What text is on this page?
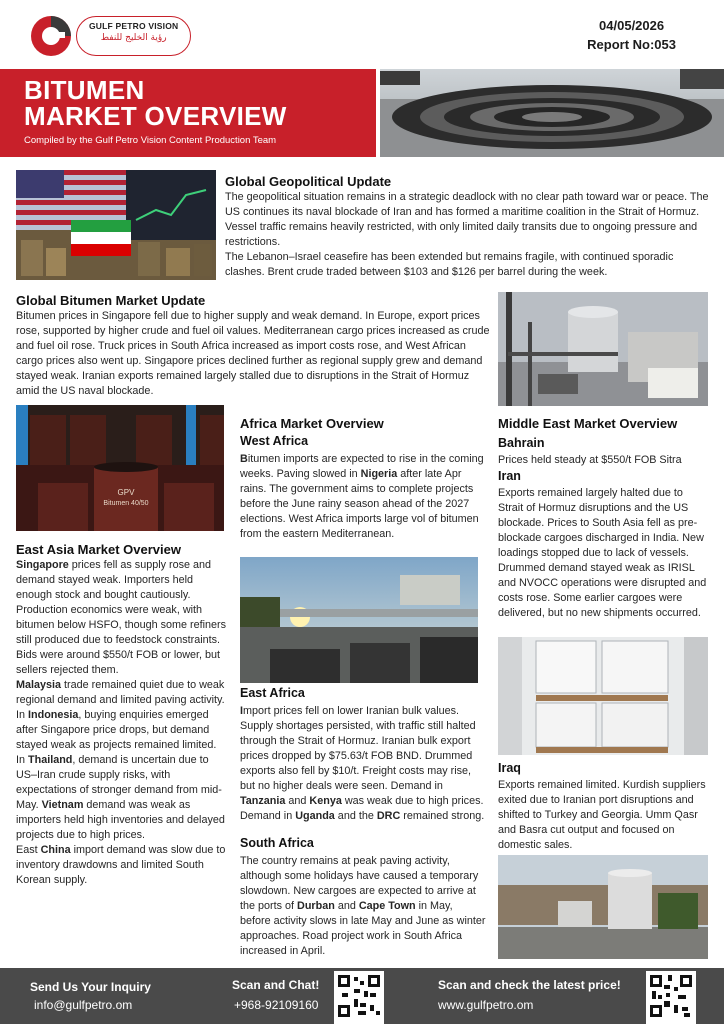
GULF PETRO VISION
رؤية الخليج للنفط
04/05/2026
Report No:053
BITUMEN
MARKET OVERVIEW
Compiled by the Gulf Petro Vision Content Production Team
Global Geopolitical Update
The geopolitical situation remains in a strategic deadlock with no clear path toward war or peace. The US continues its naval blockade of Iran and has formed a maritime coalition in the Strait of Hormuz. Vessel traffic remains heavily restricted, with only limited daily transits due to ongoing pressure and restrictions.
The Lebanon–Israel ceasefire has been extended but remains fragile, with continued sporadic clashes. Brent crude traded between $103 and $126 per barrel during the week.
Global Bitumen Market Update
Bitumen prices in Singapore fell due to higher supply and weak demand. In Europe, export prices rose, supported by higher crude and fuel oil values. Mediterranean cargo prices increased as crude and fuel oil rose. Truck prices in South Africa increased as import costs rose, and West African cargo prices also went up. Singapore prices declined further as regional supply grew and demand stayed weak. Iranian exports remained largely stalled due to disruptions in the Strait of Hormuz amid the US naval blockade.
GPV
Bitumen 40/50
East Asia Market Overview
Singapore prices fell as supply rose and demand stayed weak. Importers held enough stock and bought cautiously.
Production economics were weak, with bitumen below HSFO, though some refiners still produced due to feedstock constraints. Bids were around $550/t FOB or lower, but sellers rejected them.
Malaysia trade remained quiet due to weak regional demand and limited paving activity.
In Indonesia, buying enquiries emerged after Singapore price drops, but demand stayed weak as projects remained limited.
In Thailand, demand is uncertain due to US–Iran crude supply risks, with expectations of stronger demand from mid-May. Vietnam demand was weak as importers held high inventories and delayed projects due to high prices.
East China import demand was slow due to inventory drawdowns and limited South Korean supply.
Africa Market Overview
West Africa
Bitumen imports are expected to rise in the coming weeks. Paving slowed in Nigeria after late Apr rains. The government aims to complete projects before the June rainy season ahead of the 2027 elections. West Africa imports large vol of bitumen from the eastern Mediterranean.
East Africa
Import prices fell on lower Iranian bulk values. Supply shortages persisted, with traffic still halted through the Strait of Hormuz. Iranian bulk export prices dropped by $75.63/t FOB BND. Drummed exports also fell by $10/t. Freight costs may rise, but no higher deals were seen. Demand in Tanzania and Kenya was weak due to high prices. Demand in Uganda and the DRC remained strong.
South Africa
The country remains at peak paving activity, although some holidays have caused a temporary slowdown. New cargoes are expected to arrive at the ports of Durban and Cape Town in May, before activity slows in late May and June as winter approaches. Road project work in South Africa increased in April.
Middle East Market Overview
Bahrain
Prices held steady at $550/t FOB Sitra
Iran
Exports remained largely halted due to Strait of Hormuz disruptions and the US blockade. Prices to South Asia fell as pre-blockade cargoes discharged in India. New loadings stopped due to lack of vessels. Drummed demand stayed weak as IRISL and NVOCC operations were disrupted and costs rose. Some earlier cargoes were delivered, but no new shipments occurred.
Iraq
Exports remained limited. Kurdish suppliers exited due to Iranian port disruptions and shifted to Turkey and Georgia. Umm Qasr and Basra cut output and focused on domestic sales.
Send Us Your Inquiry
info@gulfpetro.om
Scan and Chat!
+968-92109160
Scan and check the latest price!
www.gulfpetro.om
